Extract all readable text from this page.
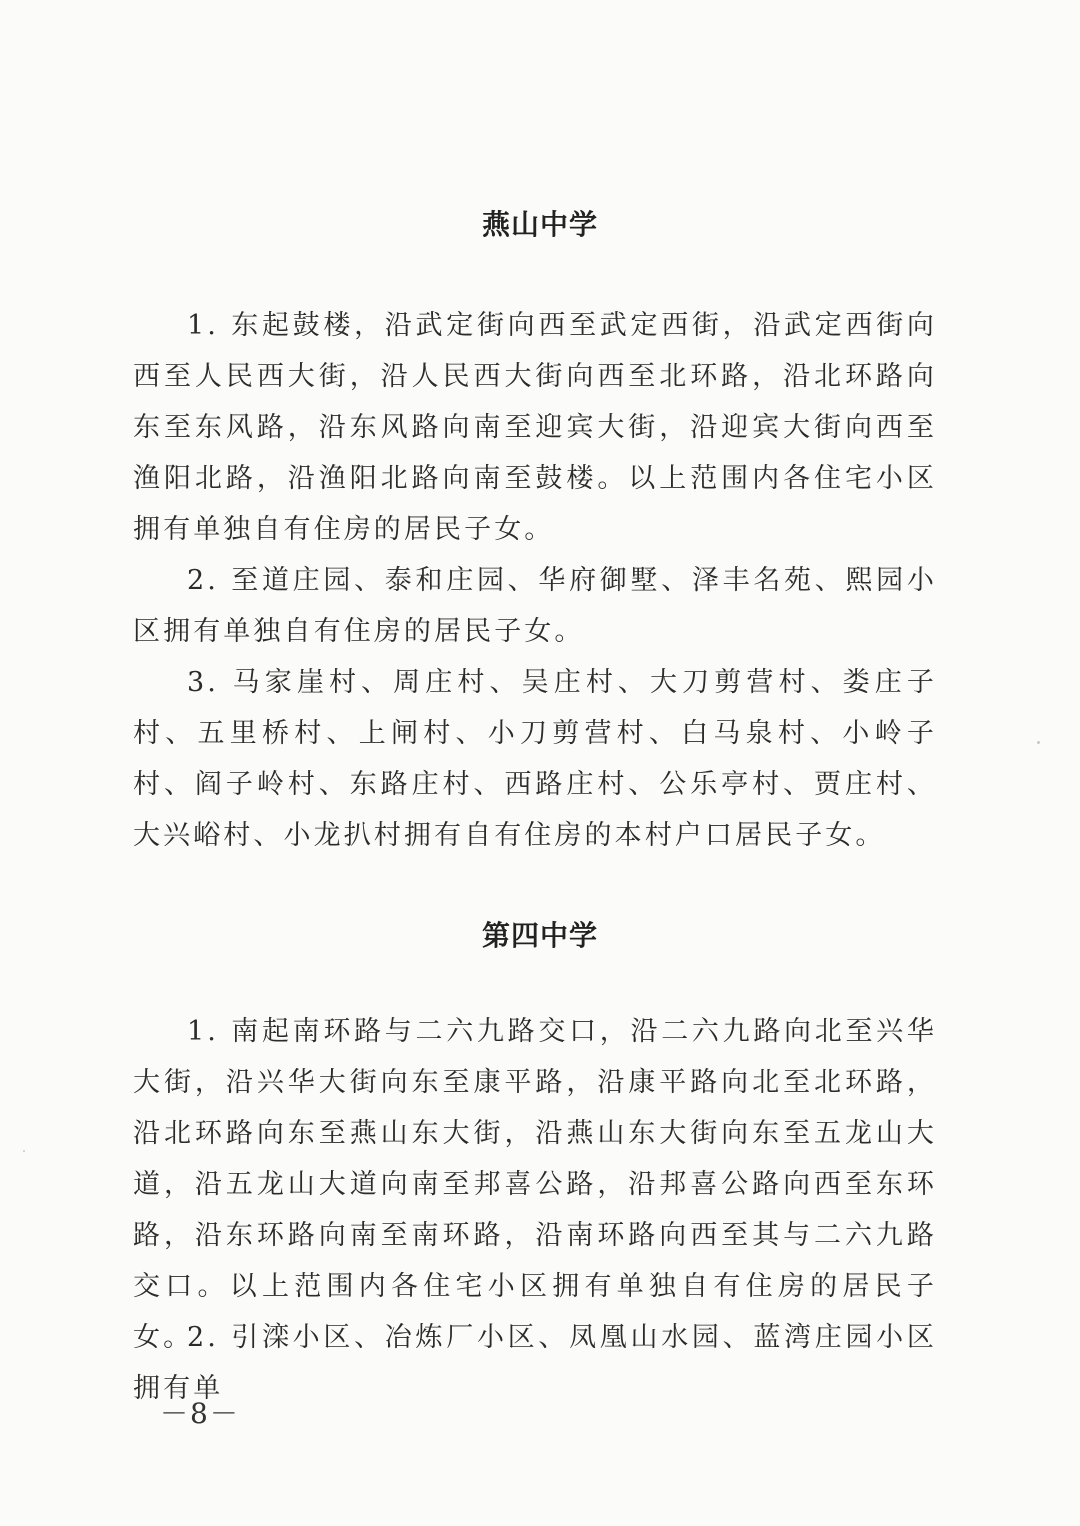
燕山中学

1. 东起鼓楼，沿武定街向西至武定西街，沿武定西街向西至人民西大街，沿人民西大街向西至北环路，沿北环路向东至东风路，沿东风路向南至迎宾大街，沿迎宾大街向西至渔阳北路，沿渔阳北路向南至鼓楼。以上范围内各住宅小区拥有单独自有住房的居民子女。

2. 至道庄园、泰和庄园、华府御墅、泽丰名苑、熙园小区拥有单独自有住房的居民子女。

3. 马家崖村、周庄村、吴庄村、大刀剪营村、娄庄子村、五里桥村、上闸村、小刀剪营村、白马泉村、小岭子村、阎子岭村、东路庄村、西路庄村、公乐亭村、贾庄村、大兴峪村、小龙扒村拥有自有住房的本村户口居民子女。

第四中学

1. 南起南环路与二六九路交口，沿二六九路向北至兴华大街，沿兴华大街向东至康平路，沿康平路向北至北环路，沿北环路向东至燕山东大街，沿燕山东大街向东至五龙山大道，沿五龙山大道向南至邦喜公路，沿邦喜公路向西至东环路，沿东环路向南至南环路，沿南环路向西至其与二六九路交口。以上范围内各住宅小区拥有单独自有住房的居民子女。

2. 引滦小区、冶炼厂小区、凤凰山水园、蓝湾庄园小区拥有单

－8－
